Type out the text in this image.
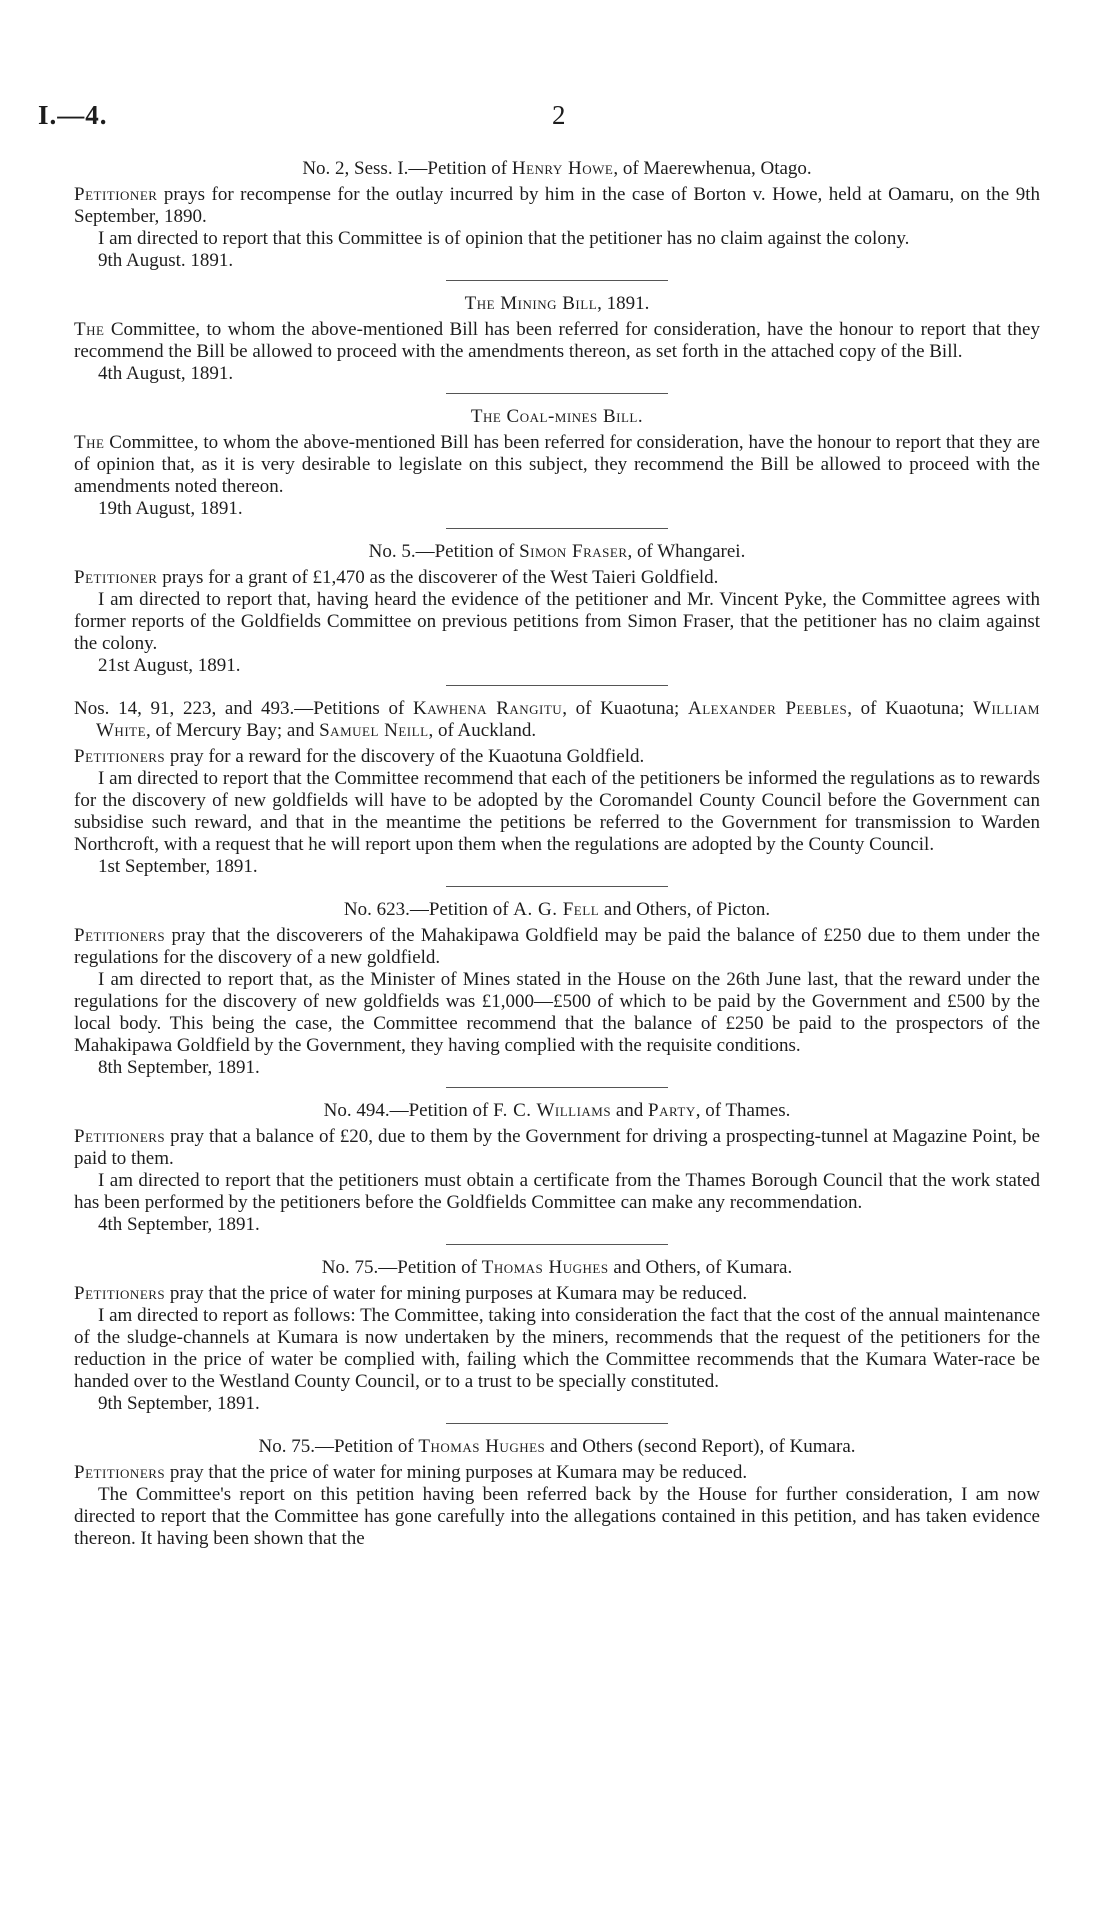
I.—4.	2
No. 2, Sess. I.—Petition of Henry Howe, of Maerewhenua, Otago.

Petitioner prays for recompense for the outlay incurred by him in the case of Borton v. Howe, held at Oamaru, on the 9th September, 1890.

I am directed to report that this Committee is of opinion that the petitioner has no claim against the colony.

9th August. 1891.
The Mining Bill, 1891.

The Committee, to whom the above-mentioned Bill has been referred for consideration, have the honour to report that they recommend the Bill be allowed to proceed with the amendments thereon, as set forth in the attached copy of the Bill.

4th August, 1891.
The Coal-mines Bill.

The Committee, to whom the above-mentioned Bill has been referred for consideration, have the honour to report that they are of opinion that, as it is very desirable to legislate on this subject, they recommend the Bill be allowed to proceed with the amendments noted thereon.

19th August, 1891.
No. 5.—Petition of Simon Fraser, of Whangarei.

Petitioner prays for a grant of £1,470 as the discoverer of the West Taieri Goldfield.

I am directed to report that, having heard the evidence of the petitioner and Mr. Vincent Pyke, the Committee agrees with former reports of the Goldfields Committee on previous petitions from Simon Fraser, that the petitioner has no claim against the colony.

21st August, 1891.
Nos. 14, 91, 223, and 493.—Petitions of Kawhena Rangitu, of Kuaotuna; Alexander Peebles, of Kuaotuna; William White, of Mercury Bay; and Samuel Neill, of Auckland.

Petitioners pray for a reward for the discovery of the Kuaotuna Goldfield.

I am directed to report that the Committee recommend that each of the petitioners be informed the regulations as to rewards for the discovery of new goldfields will have to be adopted by the Coromandel County Council before the Government can subsidise such reward, and that in the meantime the petitions be referred to the Government for transmission to Warden Northcroft, with a request that he will report upon them when the regulations are adopted by the County Council.

1st September, 1891.
No. 623.—Petition of A. G. Fell and Others, of Picton.

Petitioners pray that the discoverers of the Mahakipawa Goldfield may be paid the balance of £250 due to them under the regulations for the discovery of a new goldfield.

I am directed to report that, as the Minister of Mines stated in the House on the 26th June last, that the reward under the regulations for the discovery of new goldfields was £1,000—£500 of which to be paid by the Government and £500 by the local body. This being the case, the Committee recommend that the balance of £250 be paid to the prospectors of the Mahakipawa Goldfield by the Government, they having complied with the requisite conditions.

8th September, 1891.
No. 494.—Petition of F. C. Williams and Party, of Thames.

Petitioners pray that a balance of £20, due to them by the Government for driving a prospecting-tunnel at Magazine Point, be paid to them.

I am directed to report that the petitioners must obtain a certificate from the Thames Borough Council that the work stated has been performed by the petitioners before the Goldfields Committee can make any recommendation.

4th September, 1891.
No. 75.—Petition of Thomas Hughes and Others, of Kumara.

Petitioners pray that the price of water for mining purposes at Kumara may be reduced.

I am directed to report as follows: The Committee, taking into consideration the fact that the cost of the annual maintenance of the sludge-channels at Kumara is now undertaken by the miners, recommends that the request of the petitioners for the reduction in the price of water be complied with, failing which the Committee recommends that the Kumara Water-race be handed over to the Westland County Council, or to a trust to be specially constituted.

9th September, 1891.
No. 75.—Petition of Thomas Hughes and Others (second Report), of Kumara.

Petitioners pray that the price of water for mining purposes at Kumara may be reduced.

The Committee's report on this petition having been referred back by the House for further consideration, I am now directed to report that the Committee has gone carefully into the allegations contained in this petition, and has taken evidence thereon. It having been shown that the
